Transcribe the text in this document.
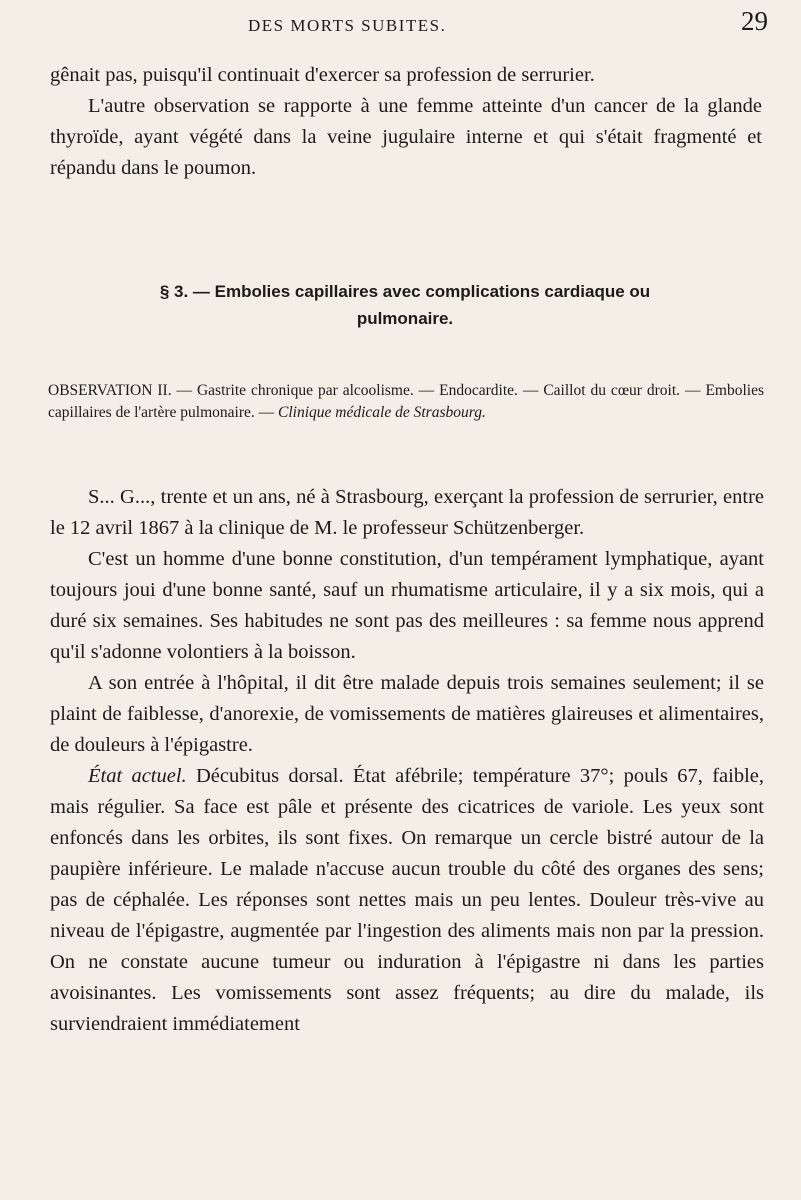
DES MORTS SUBITES.	29

gênait pas, puisqu'il continuait d'exercer sa profession de serrurier.

L'autre observation se rapporte à une femme atteinte d'un cancer de la glande thyroïde, ayant végété dans la veine jugulaire interne et qui s'était fragmenté et répandu dans le poumon.

§ 3. — Embolies capillaires avec complications cardiaque ou
pulmonaire.
OBSERVATION II. — Gastrite chronique par alcoolisme. — Endocardite. — Caillot du cœur droit. — Embolies capillaires de l'artère pulmonaire. — Clinique médicale de Strasbourg.

S... G..., trente et un ans, né à Strasbourg, exerçant la profession de serrurier, entre le 12 avril 1867 à la clinique de M. le professeur Schützenberger.

C'est un homme d'une bonne constitution, d'un tempérament lymphatique, ayant toujours joui d'une bonne santé, sauf un rhumatisme articulaire, il y a six mois, qui a duré six semaines. Ses habitudes ne sont pas des meilleures : sa femme nous apprend qu'il s'adonne volontiers à la boisson.

A son entrée à l'hôpital, il dit être malade depuis trois semaines seulement; il se plaint de faiblesse, d'anorexie, de vomissements de matières glaireuses et alimentaires, de douleurs à l'épigastre.

État actuel. Décubitus dorsal. État afébrile; température 37°; pouls 67, faible, mais régulier. Sa face est pâle et présente des cicatrices de variole. Les yeux sont enfoncés dans les orbites, ils sont fixes. On remarque un cercle bistré autour de la paupière inférieure. Le malade n'accuse aucun trouble du côté des organes des sens; pas de céphalée. Les réponses sont nettes mais un peu lentes. Douleur très-vive au niveau de l'épigastre, augmentée par l'ingestion des aliments mais non par la pression. On ne constate aucune tumeur ou induration à l'épigastre ni dans les parties avoisinantes. Les vomissements sont assez fréquents; au dire du malade, ils surviendraient immédiatement
